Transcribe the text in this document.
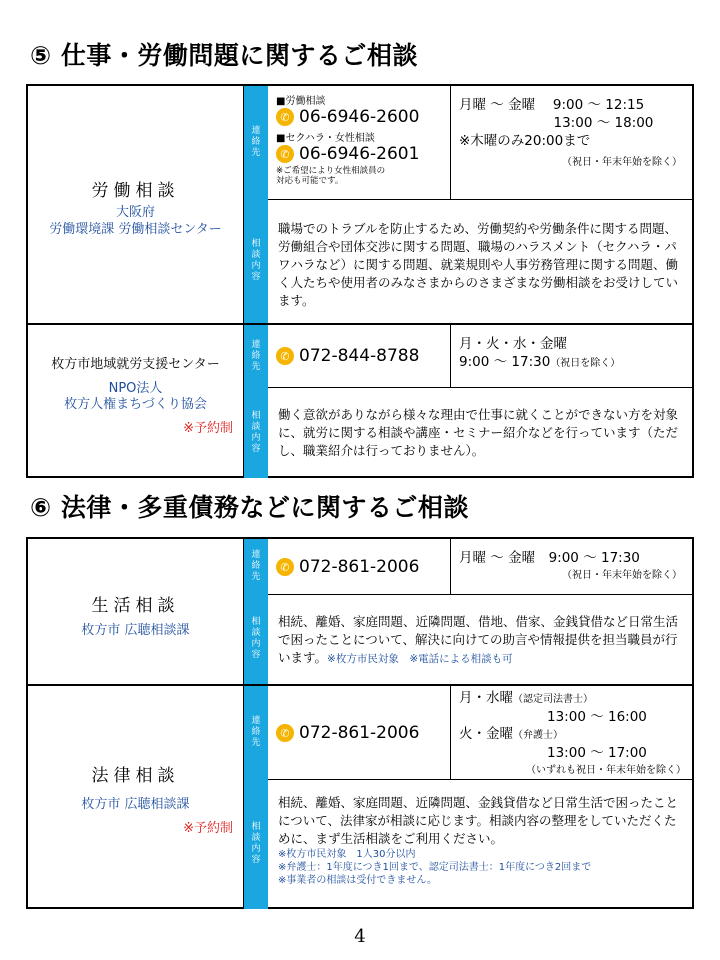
⑤ 仕事・労働問題に関するご相談
労働相談
大阪府
労働環境課 労働相談センター
連絡先
相談内容
■労働相談
✆ 06-6946-2600
■セクハラ・女性相談
✆ 06-6946-2601
※ご希望により女性相談員の
対応も可能です。
月曜 ～ 金曜　 9:00 ～ 12:15
　　　　　　　13:00 ～ 18:00
※木曜のみ20:00まで
（祝日・年末年始を除く）
職場でのトラブルを防止するため、労働契約や労働条件に関する問題、労働組合や団体交渉に関する問題、職場のハラスメント（セクハラ・パワハラなど）に関する問題、就業規則や人事労務管理に関する問題、働く人たちや使用者のみなさまからのさまざまな労働相談をお受けしています。
枚方市地域就労支援センター
NPO法人
枚方人権まちづくり協会
※予約制
連絡先
相談内容
✆ 072-844-8788
月・火・水・金曜
9:00 ～ 17:30（祝日を除く）
働く意欲がありながら様々な理由で仕事に就くことができない方を対象に、就労に関する相談や講座・セミナー紹介などを行っています（ただし、職業紹介は行っておりません）。
⑥ 法律・多重債務などに関するご相談
生活相談
枚方市 広聴相談課
連絡先
相談内容
✆ 072-861-2006	月曜 ～ 金曜　9:00 ～ 17:30
（祝日・年末年始を除く）
相続、離婚、家庭問題、近隣問題、借地、借家、金銭貸借など日常生活で困ったことについて、解決に向けての助言や情報提供を担当職員が行います。※枚方市民対象　※電話による相談も可
法律相談
枚方市 広聴相談課
※予約制
連絡先
相談内容
✆ 072-861-2006
月・水曜（認定司法書士）
13:00 ～ 16:00
火・金曜（弁護士）
13:00 ～ 17:00
（いずれも祝日・年末年始を除く）
相続、離婚、家庭問題、近隣問題、金銭貸借など日常生活で困ったことについて、法律家が相談に応じます。相談内容の整理をしていただくために、まず生活相談をご利用ください。
※枚方市民対象　1人30分以内
※弁護士：1年度につき1回まで、認定司法書士：1年度につき2回まで
※事業者の相談は受付できません。
4
